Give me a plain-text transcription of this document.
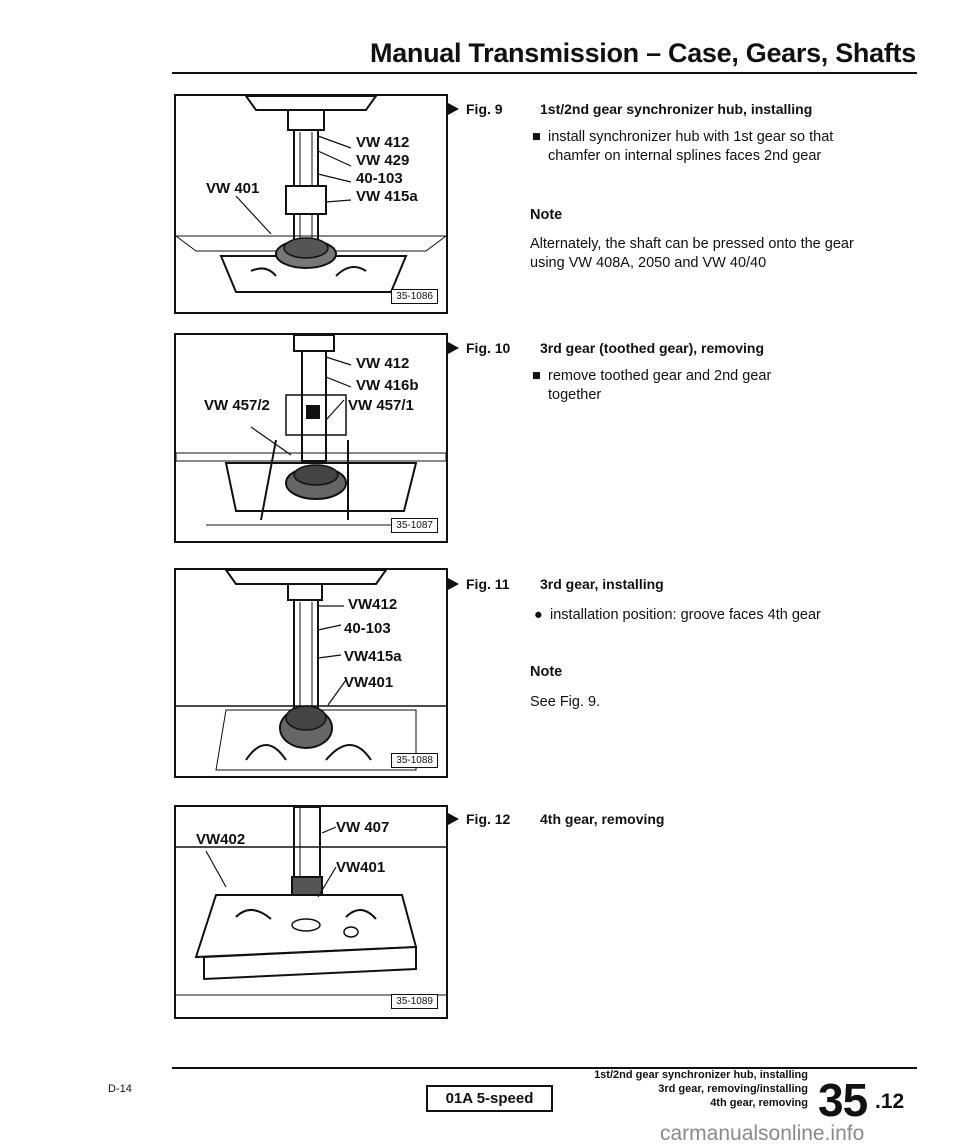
Manual Transmission – Case, Gears, Shafts
VW 412
VW 429
40-103
VW 415a
VW 401
35-1086
Fig. 9	1st/2nd gear synchronizer hub, installing
■ install synchronizer hub with 1st gear so that chamfer on internal splines faces 2nd gear
Note
Alternately, the shaft can be pressed onto the gear using VW 408A, 2050 and VW 40/40
VW 412
VW 416b
VW 457/1
VW 457/2
35-1087
Fig. 10 3rd gear (toothed gear), removing
■ remove toothed gear and 2nd gear together
VW412
40-103
VW415a
VW401
35-1088
Fig. 11 3rd gear, installing
● installation position: groove faces 4th gear
Note
See Fig. 9.
VW 407
VW402
VW401
35-1089
Fig. 12 4th gear, removing
D-14
01A 5-speed
1st/2nd gear synchronizer hub, installing
3rd gear, removing/installing
4th gear, removing 35 .12
carmanualsonline.info
